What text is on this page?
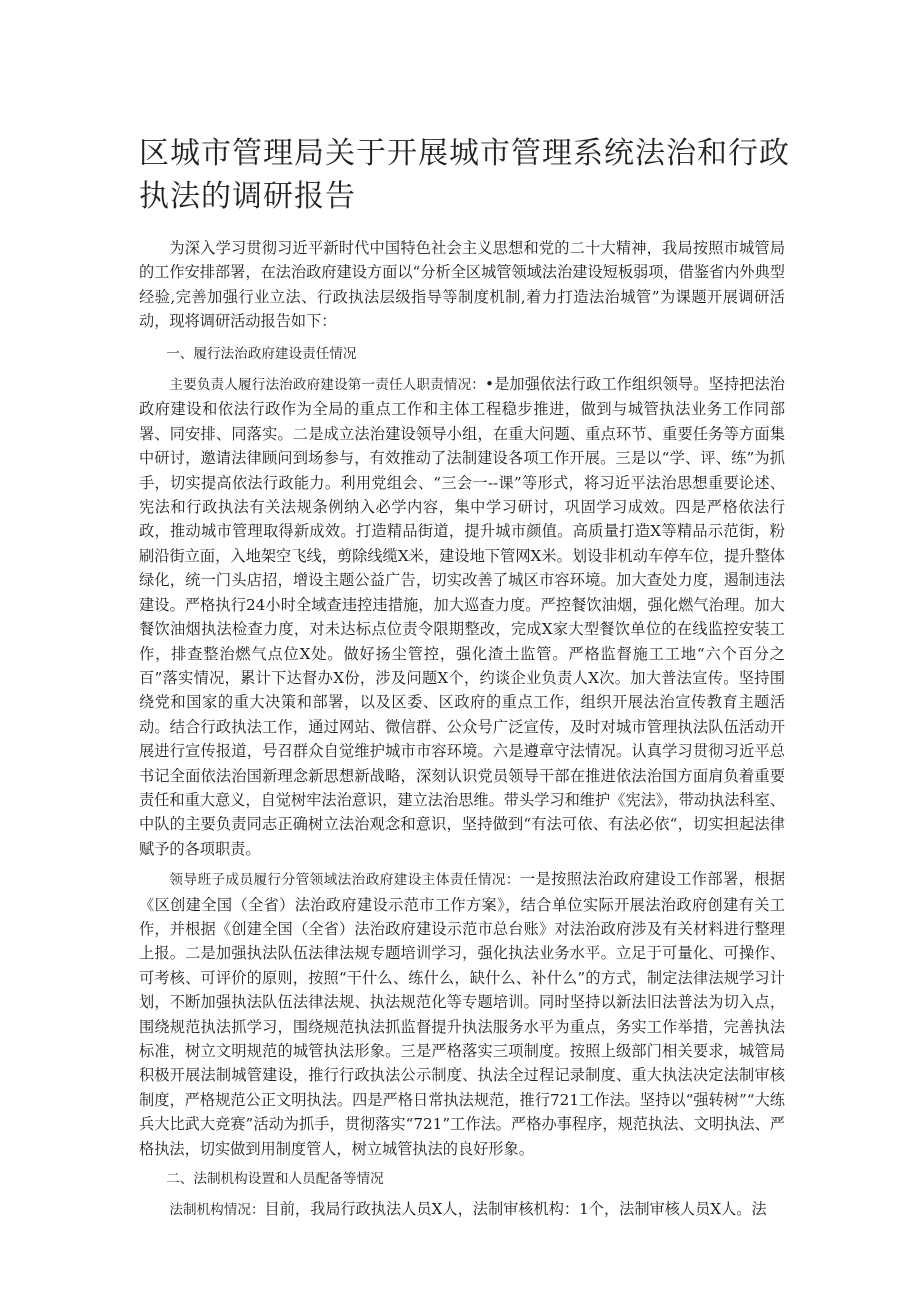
区城市管理局关于开展城市管理系统法治和行政执法的调研报告

为深入学习贯彻习近平新时代中国特色社会主义思想和党的二十大精神，我局按照市城管局的工作安排部署，在法治政府建设方面以“分析全区城管领域法治建设短板弱项，借鉴省内外典型经验,完善加强行业立法、行政执法层级指导等制度机制,着力打造法治城管”为课题开展调研活动，现将调研活动报告如下：

一、履行法治政府建设责任情况

主要负责人履行法治政府建设第一责任人职责情况：•是加强依法行政工作组织领导。坚持把法治政府建设和依法行政作为全局的重点工作和主体工程稳步推进，做到与城管执法业务工作同部署、同安排、同落实。二是成立法治建设领导小组，在重大问题、重点环节、重要任务等方面集中研讨，邀请法律顾问到场参与，有效推动了法制建设各项工作开展。三是以“学、评、练”为抓手，切实提高依法行政能力。利用党组会、“三会一--课”等形式，将习近平法治思想重要论述、宪法和行政执法有关法规条例纳入必学内容，集中学习研讨，巩固学习成效。四是严格依法行政，推动城市管理取得新成效。打造精品街道，提升城市颜值。高质量打造X等精品示范街，粉刷沿街立面，入地架空飞线，剪除线缆X米，建设地下管网X米。划设非机动车停车位，提升整体绿化，统一门头店招，增设主题公益广告，切实改善了城区市容环境。加大查处力度，遏制违法建设。严格执行24小时全域查违控违措施，加大巡查力度。严控餐饮油烟，强化燃气治理。加大餐饮油烟执法检查力度，对未达标点位责令限期整改，完成X家大型餐饮单位的在线监控安装工作，排查整治燃气点位X处。做好扬尘管控，强化渣土监管。严格监督施工工地“六个百分之百”落实情况，累计下达督办X份，涉及问题X个，约谈企业负责人X次。加大普法宣传。坚持围绕党和国家的重大决策和部署，以及区委、区政府的重点工作，组织开展法治宣传教育主题活动。结合行政执法工作，通过网站、微信群、公众号广泛宣传，及时对城市管理执法队伍活动开展进行宣传报道，号召群众自觉维护城市市容环境。六是遵章守法情况。认真学习贯彻习近平总书记全面依法治国新理念新思想新战略，深刻认识党员领导干部在推进依法治国方面肩负着重要责任和重大意义，自觉树牢法治意识，建立法治思维。带头学习和维护《宪法》，带动执法科室、中队的主要负责同志正确树立法治观念和意识，坚持做到“有法可依、有法必依“，切实担起法律赋予的各项职责。

领导班子成员履行分管领域法治政府建设主体责任情况：一是按照法治政府建设工作部署，根据《区创建全国（全省）法治政府建设示范市工作方案》，结合单位实际开展法治政府创建有关工作，并根据《创建全国（全省）法治政府建设示范市总台账》对法治政府涉及有关材料进行整理上报。二是加强执法队伍法律法规专题培训学习，强化执法业务水平。立足于可量化、可操作、可考核、可评价的原则，按照“干什么、练什么，缺什么、补什么”的方式，制定法律法规学习计划，不断加强执法队伍法律法规、执法规范化等专题培训。同时坚持以新法旧法普法为切入点，围绕规范执法抓学习，围绕规范执法抓监督提升执法服务水平为重点，务实工作举措，完善执法标准，树立文明规范的城管执法形象。三是严格落实三项制度。按照上级部门相关要求，城管局积极开展法制城管建设，推行行政执法公示制度、执法全过程记录制度、重大执法决定法制审核制度，严格规范公正文明执法。四是严格日常执法规范，推行721工作法。坚持以“强转树”“大练兵大比武大竞赛”活动为抓手，贯彻落实“721”工作法。严格办事程序，规范执法、文明执法、严格执法，切实做到用制度管人，树立城管执法的良好形象。

二、法制机构设置和人员配备等情况

法制机构情况：目前，我局行政执法人员X人，法制审核机构：1个，法制审核人员X人。法
